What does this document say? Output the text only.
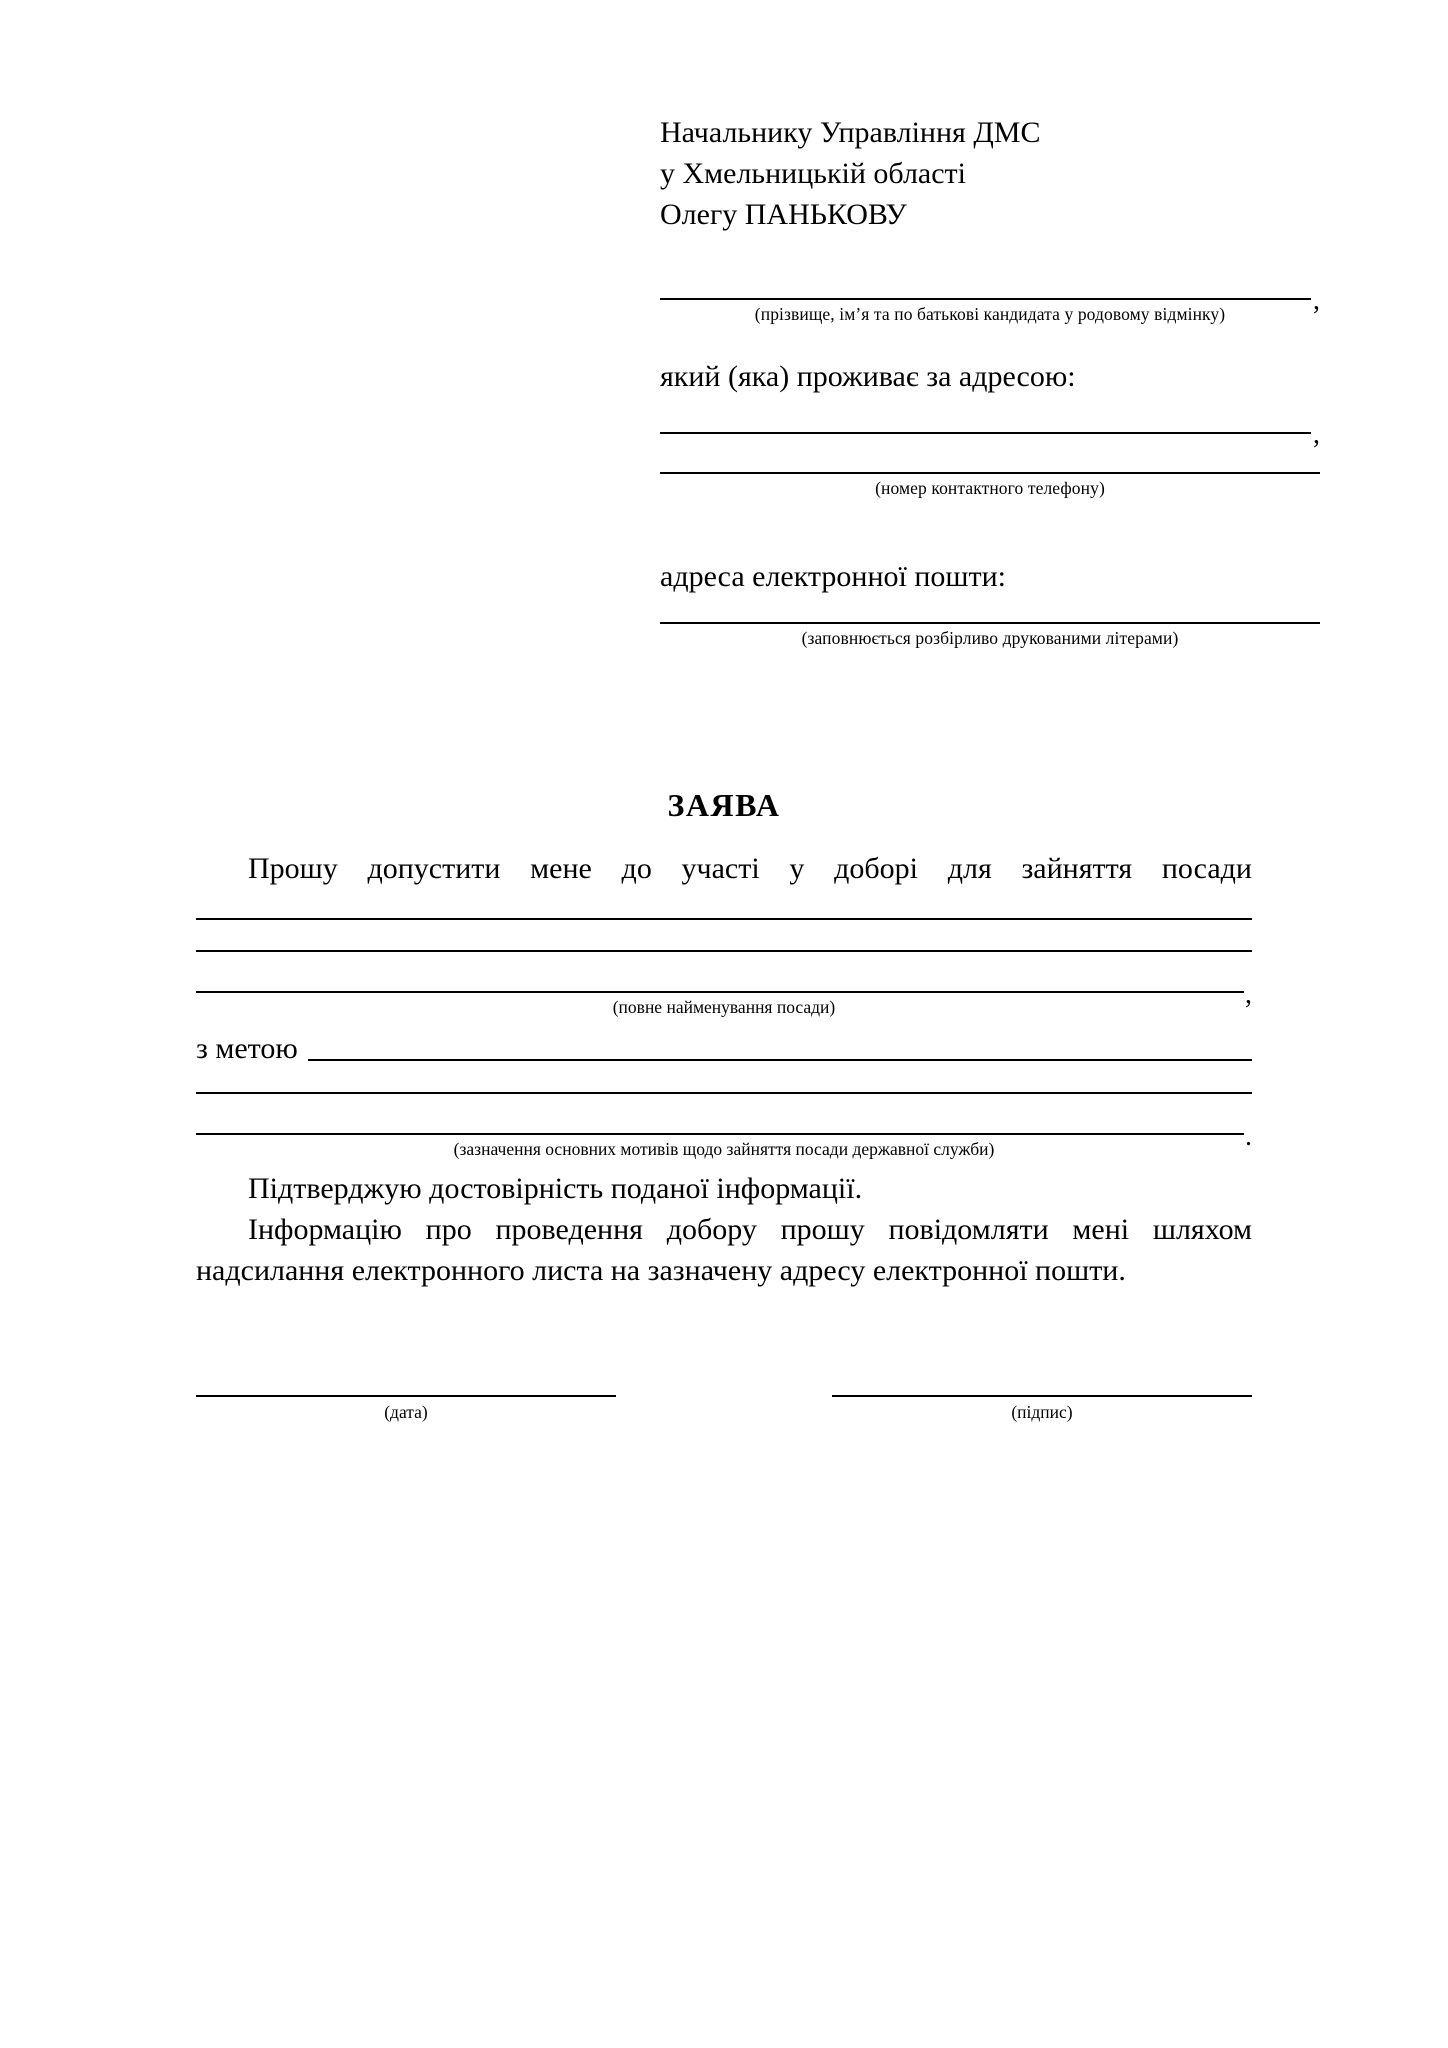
Начальнику Управління ДМС
у Хмельницькій області
Олегу ПАНЬКОВУ
,
(прізвище, ім’я та по батькові кандидата у родовому відмінку)
який (яка) проживає за адресою:
,
(номер контактного телефону)
адреса електронної пошти:
(заповнюється розбірливо друкованими літерами)
ЗАЯВА
Прошу допустити мене до участі у доборі для зайняття посади
,
(повне найменування посади)
з метою
.
(зазначення основних мотивів щодо зайняття посади державної служби)
Підтверджую достовірність поданої інформації.
Інформацію про проведення добору прошу повідомляти мені шляхом надсилання електронного листа на зазначену адресу електронної пошти.
(дата)	(підпис)
